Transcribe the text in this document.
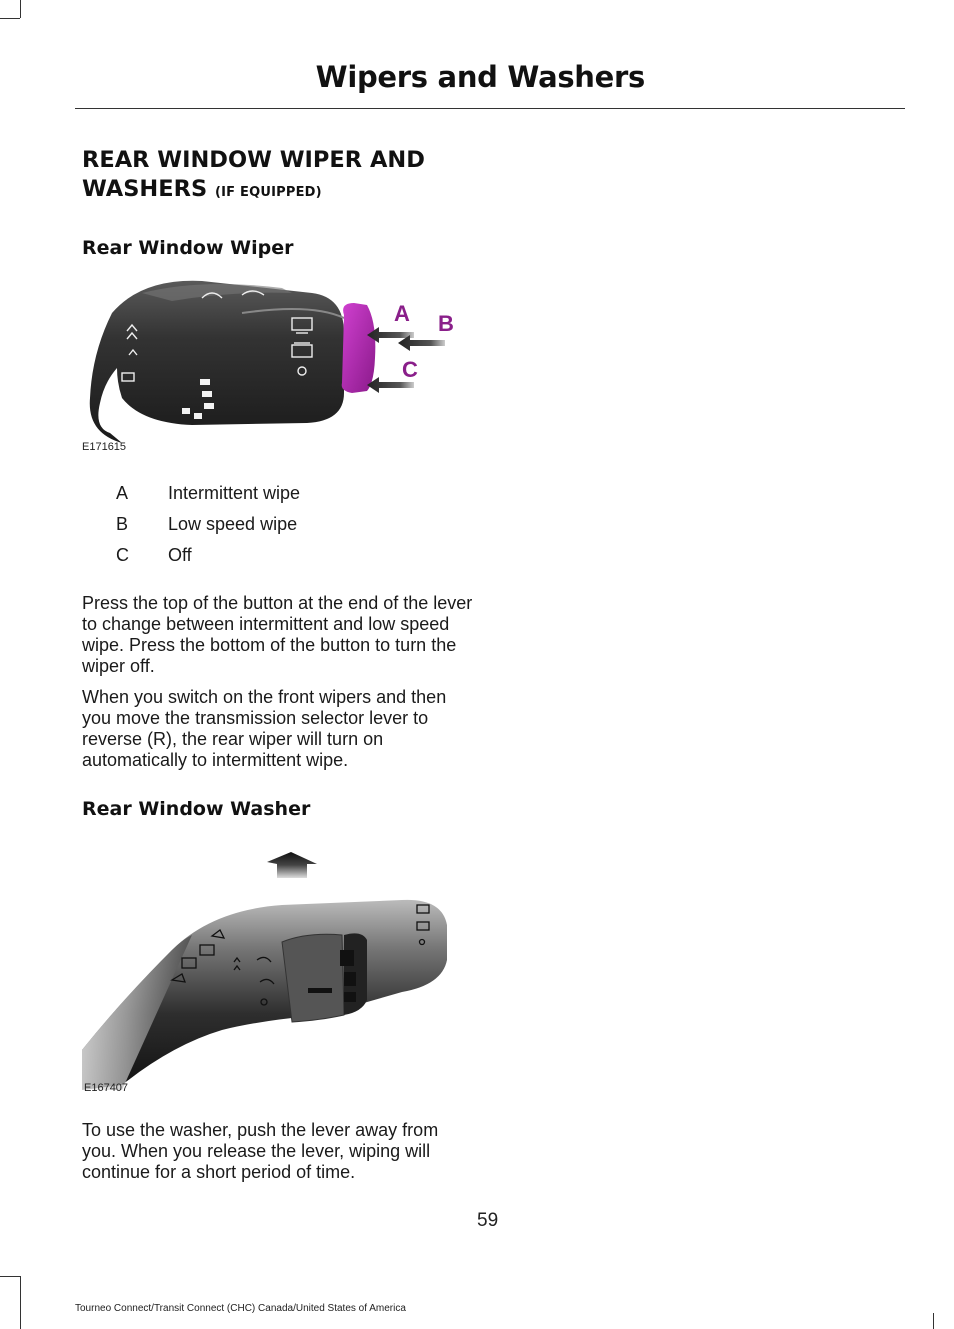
Wipers and Washers
REAR WINDOW WIPER AND WASHERS (IF EQUIPPED)
Rear Window Wiper
A B
C
E171615
A	Intermittent wipe
B	Low speed wipe
C	Off

Press the top of the button at the end of the lever to change between intermittent and low speed wipe. Press the bottom of the button to turn the wiper off.

When you switch on the front wipers and then you move the transmission selector lever to reverse (R), the rear wiper will turn on automatically to intermittent wipe.

Rear Window Washer
E167407

To use the washer, push the lever away from you. When you release the lever, wiping will continue for a short period of time.

59
Tourneo Connect/Transit Connect (CHC) Canada/United States of America
